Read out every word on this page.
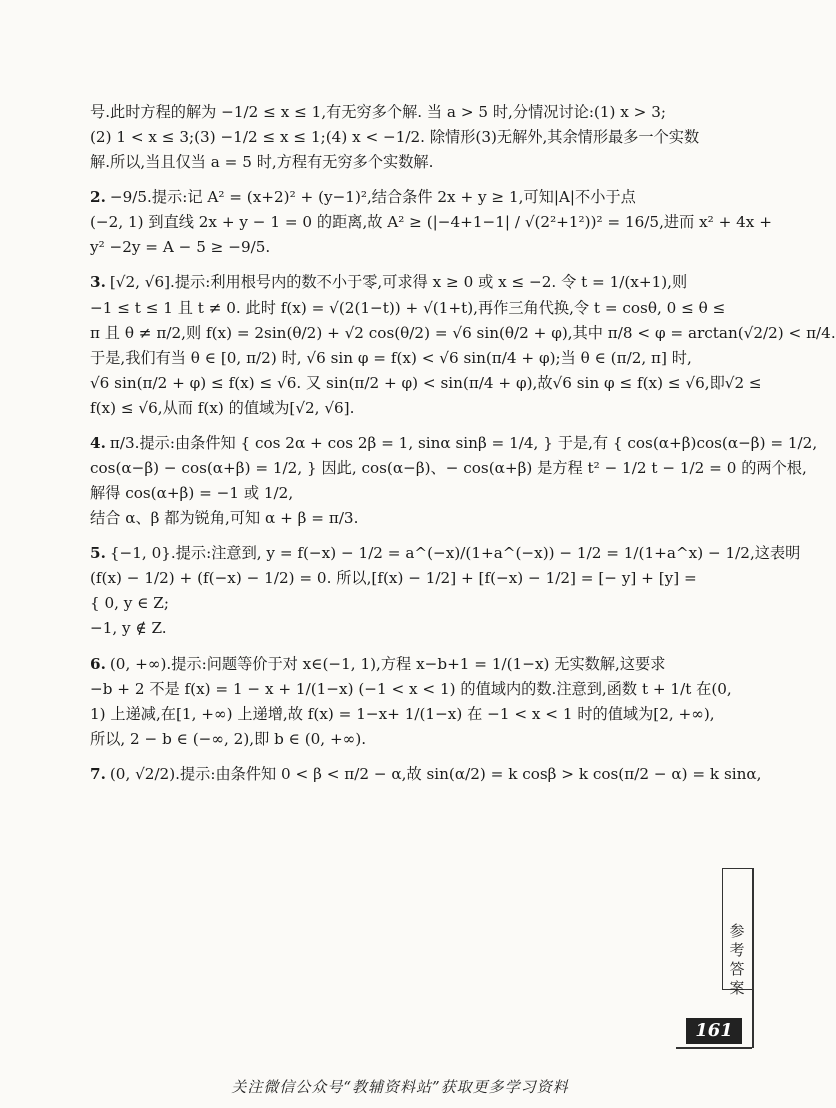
号.此时方程的解为 −1/2 ≤ x ≤ 1,有无穷多个解. 当 a > 5 时,分情况讨论:(1) x > 3;
(2) 1 < x ≤ 3;(3) −1/2 ≤ x ≤ 1;(4) x < −1/2. 除情形(3)无解外,其余情形最多一个实数
解.所以,当且仅当 a = 5 时,方程有无穷多个实数解.

2. −9/5.提示:记 A² = (x+2)² + (y−1)²,结合条件 2x + y ≥ 1,可知|A|不小于点
(−2, 1) 到直线 2x + y − 1 = 0 的距离,故 A² ≥ (|−4+1−1| / √(2²+1²))² = 16/5,进而 x² + 4x +
y² −2y = A − 5 ≥ −9/5.

3. [√2, √6].提示:利用根号内的数不小于零,可求得 x ≥ 0 或 x ≤ −2. 令 t = 1/(x+1),则
−1 ≤ t ≤ 1 且 t ≠ 0. 此时 f(x) = √(2(1−t)) + √(1+t),再作三角代换,令 t = cosθ, 0 ≤ θ ≤
π 且 θ ≠ π/2,则 f(x) = 2sin(θ/2) + √2 cos(θ/2) = √6 sin(θ/2 + φ),其中 π/8 < φ = arctan(√2/2) < π/4.
于是,我们有当 θ ∈ [0, π/2) 时, √6 sin φ = f(x) < √6 sin(π/4 + φ);当 θ ∈ (π/2, π] 时,
√6 sin(π/2 + φ) ≤ f(x) ≤ √6. 又 sin(π/2 + φ) < sin(π/4 + φ),故√6 sin φ ≤ f(x) ≤ √6,即√2 ≤
f(x) ≤ √6,从而 f(x) 的值域为[√2, √6].

4. π/3.提示:由条件知 { cos 2α + cos 2β = 1, sinα sinβ = 1/4, } 于是,有 { cos(α+β)cos(α−β) = 1/2,
cos(α−β) − cos(α+β) = 1/2, } 因此, cos(α−β)、− cos(α+β) 是方程 t² − 1/2 t − 1/2 = 0 的两个根,
解得 cos(α+β) = −1 或 1/2,
结合 α、β 都为锐角,可知 α + β = π/3.

5. {−1, 0}.提示:注意到, y = f(−x) − 1/2 = a^(−x)/(1+a^(−x)) − 1/2 = 1/(1+a^x) − 1/2,这表明
(f(x) − 1/2) + (f(−x) − 1/2) = 0. 所以,[f(x) − 1/2] + [f(−x) − 1/2] = [− y] + [y] =
{ 0, y ∈ Z;
−1, y ∉ Z.

6. (0, +∞).提示:问题等价于对 x∈(−1, 1),方程 x−b+1 = 1/(1−x) 无实数解,这要求
−b + 2 不是 f(x) = 1 − x + 1/(1−x) (−1 < x < 1) 的值域内的数.注意到,函数 t + 1/t 在(0,
1) 上递减,在[1, +∞) 上递增,故 f(x) = 1−x+ 1/(1−x) 在 −1 < x < 1 时的值域为[2, +∞),
所以, 2 − b ∈ (−∞, 2),即 b ∈ (0, +∞).

7. (0, √2/2).提示:由条件知 0 < β < π/2 − α,故 sin(α/2) = k cosβ > k cos(π/2 − α) = k sinα,

参考答案
161
关注微信公众号“教辅资料站”获取更多学习资料
